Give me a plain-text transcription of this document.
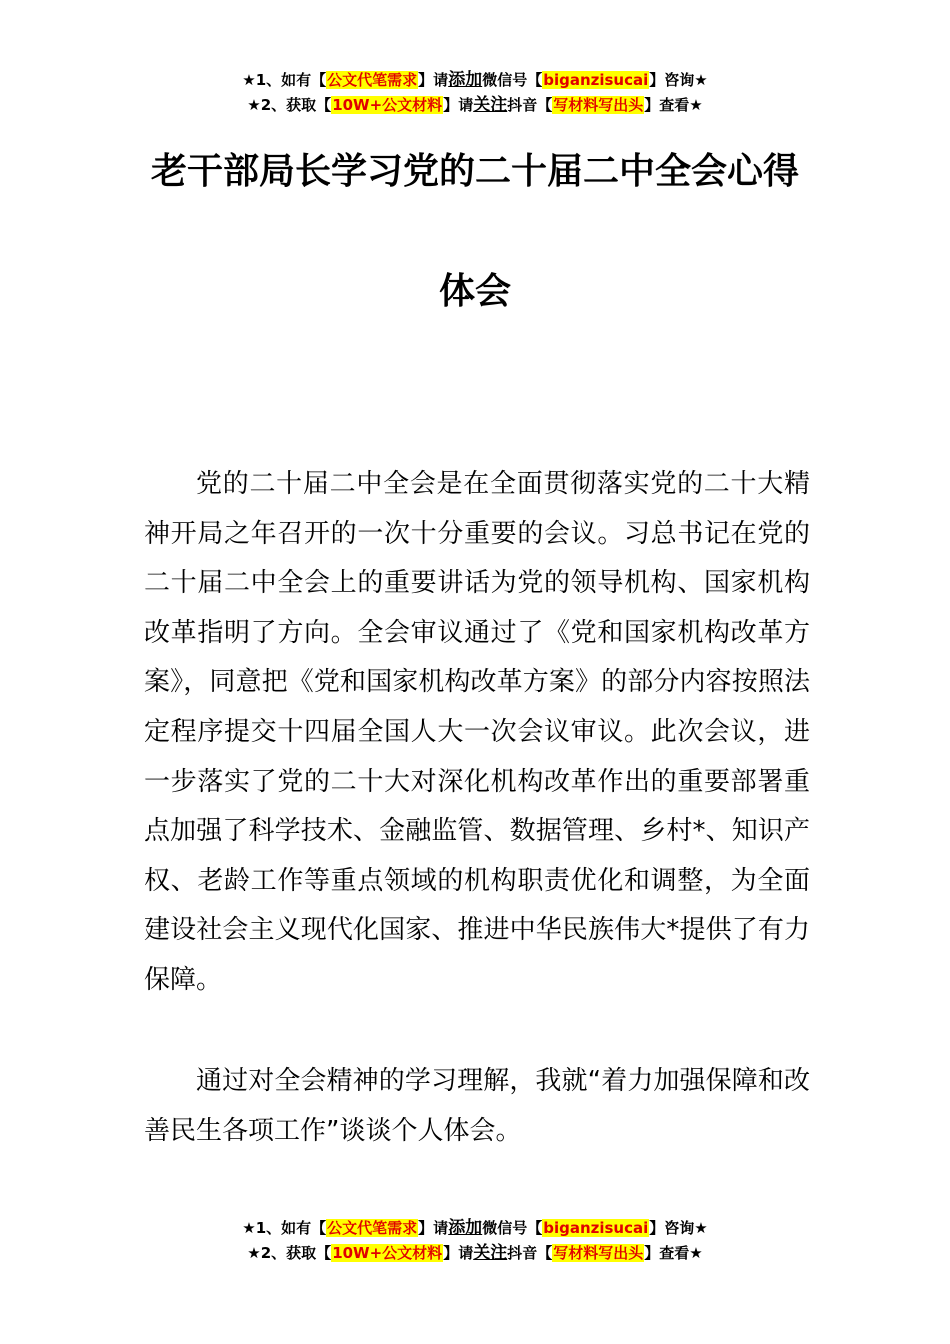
★1、如有【公文代笔需求】请添加微信号【biganzisucai】咨询★
★2、获取【10W+公文材料】请关注抖音【写材料写出头】查看★
老干部局长学习党的二十届二中全会心得
体会

党的二十届二中全会是在全面贯彻落实党的二十大精神开局之年召开的一次十分重要的会议。习总书记在党的二十届二中全会上的重要讲话为党的领导机构、国家机构改革指明了方向。全会审议通过了《党和国家机构改革方案》，同意把《党和国家机构改革方案》的部分内容按照法定程序提交十四届全国人大一次会议审议。此次会议，进一步落实了党的二十大对深化机构改革作出的重要部署重点加强了科学技术、金融监管、数据管理、乡村*、知识产权、老龄工作等重点领域的机构职责优化和调整，为全面建设社会主义现代化国家、推进中华民族伟大*提供了有力保障。

通过对全会精神的学习理解，我就“着力加强保障和改善民生各项工作”谈谈个人体会。

★1、如有【公文代笔需求】请添加微信号【biganzisucai】咨询★
★2、获取【10W+公文材料】请关注抖音【写材料写出头】查看★
